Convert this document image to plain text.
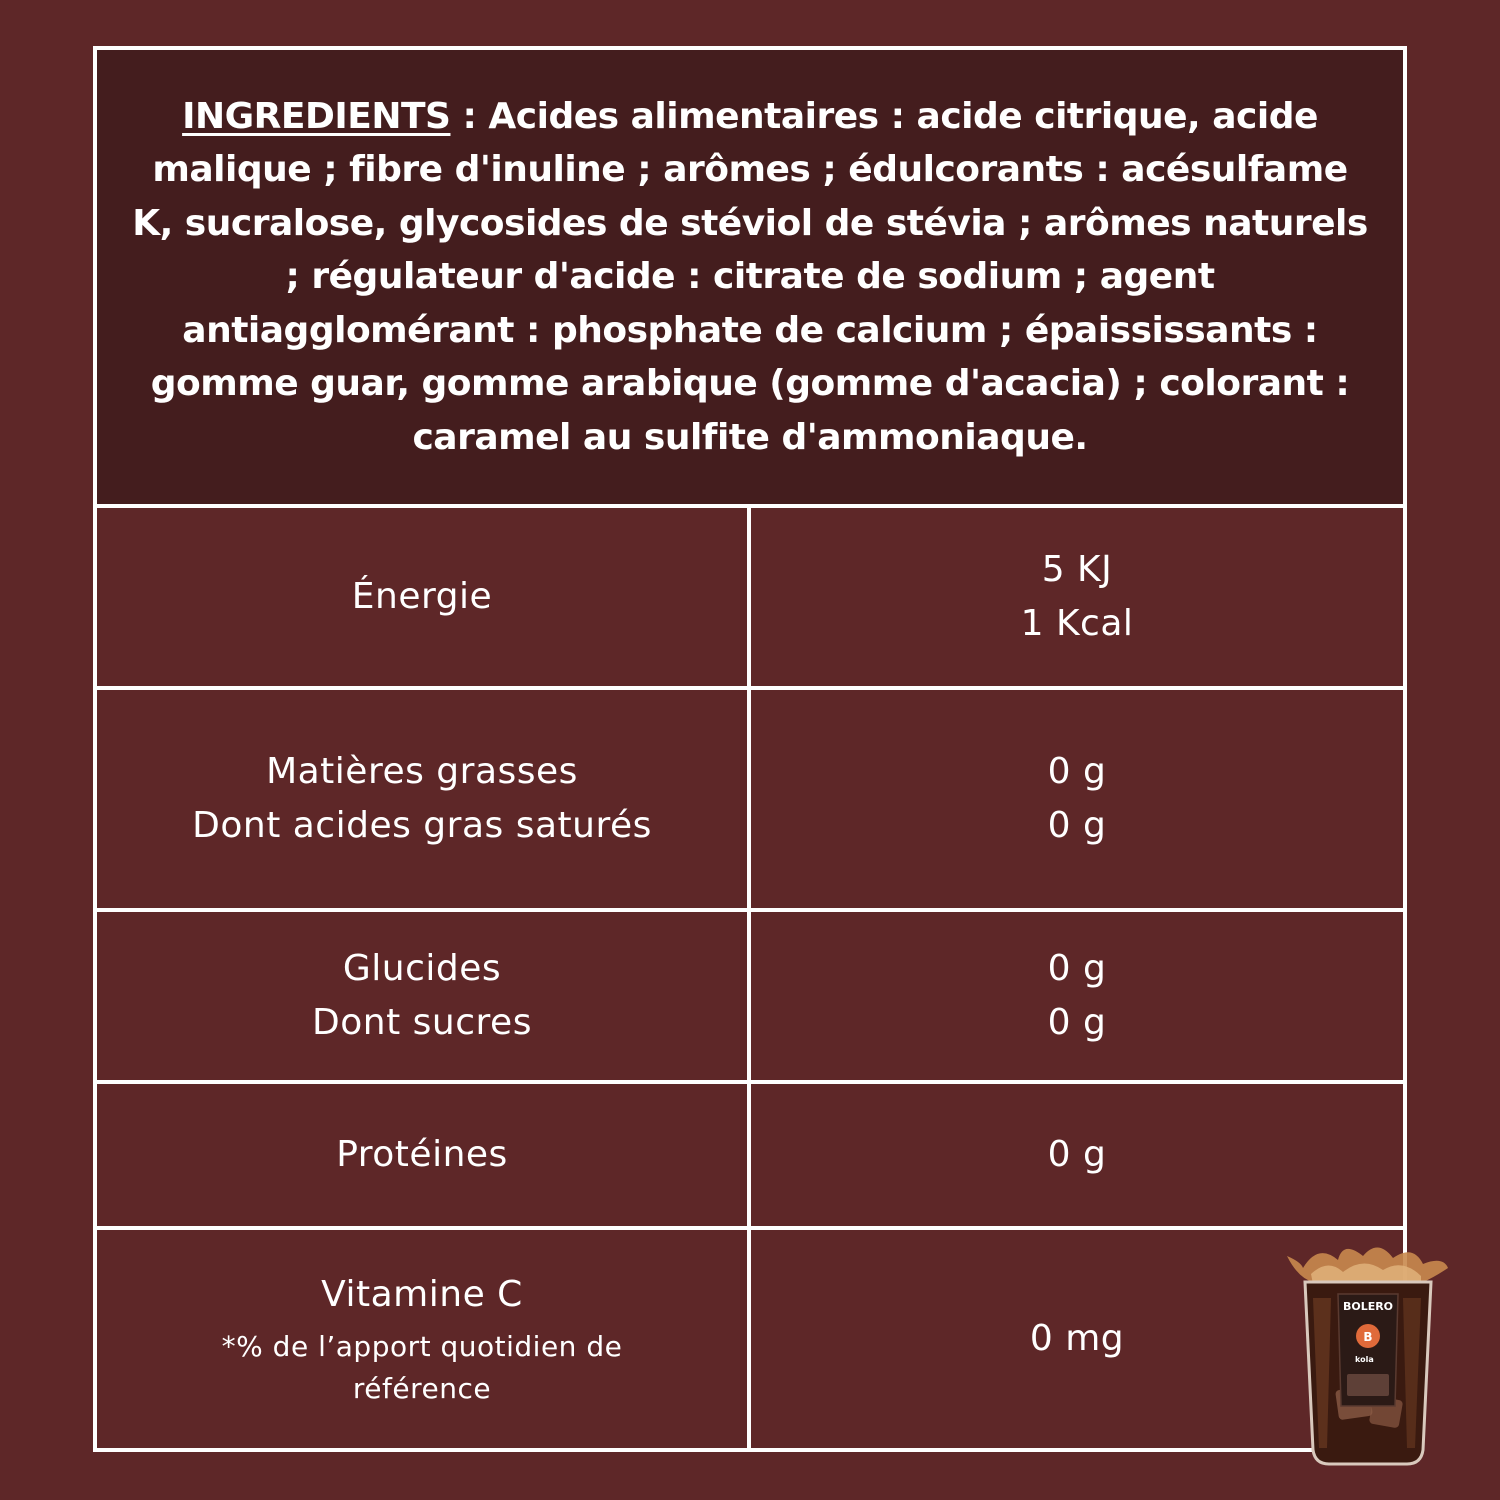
INGREDIENTS : Acides alimentaires : acide citrique, acide malique ; fibre d'inuline ; arômes ; édulcorants : acésulfame K, sucralose, glycosides de stéviol de stévia ; arômes naturels ; régulateur d'acide : citrate de sodium ; agent antiagglomérant : phosphate de calcium ; épaississants : gomme guar, gomme arabique (gomme d'acacia) ; colorant : caramel au sulfite d'ammoniaque.

Énergie
5 KJ
1 Kcal
Matières grasses
Dont acides gras saturés
0 g
0 g
Glucides
Dont sucres
0 g
0 g
Protéines	0 g
Vitamine C
*% de l’apport quotidien de
référence
0 mg
BOLERO
B
kola
